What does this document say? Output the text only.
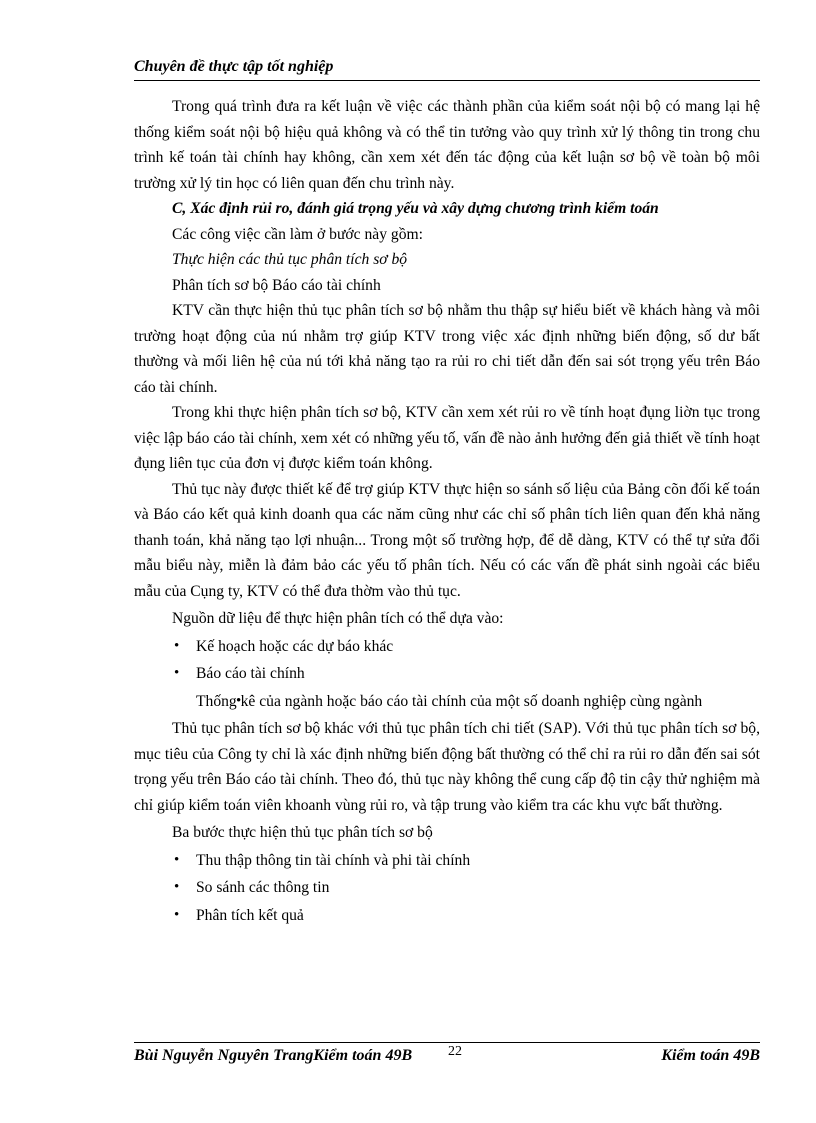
Chuyên đề thực tập tốt nghiệp

Trong quá trình đưa ra kết luận về việc các thành phần của kiểm soát nội bộ có mang lại hệ thống kiểm soát nội bộ hiệu quả không và có thể tin tưởng vào quy trình xử lý thông tin trong chu trình kế toán tài chính hay không, cần xem xét đến tác động của kết luận sơ bộ về toàn bộ môi trường xử lý tin học có liên quan đến chu trình này.

C, Xác định rủi ro, đánh giá trọng yếu và xây dựng chương trình kiểm toán

Các công việc cần làm ở bước này gồm:

Thực hiện các thủ tục phân tích sơ bộ

Phân tích sơ bộ Báo cáo tài chính

KTV cần thực hiện thủ tục phân tích sơ bộ nhằm thu thập sự hiểu biết về khách hàng và môi trường hoạt động của nú nhằm trợ giúp KTV trong việc xác định những biến động, số dư bất thường và mối liên hệ của nú tới khả năng tạo ra rủi ro chi tiết dẫn đến sai sót trọng yếu trên Báo cáo tài chính.

Trong khi thực hiện phân tích sơ bộ, KTV cần xem xét rủi ro về tính hoạt đụng liờn tục trong việc lập báo cáo tài chính, xem xét có những yếu tố, vấn đề nào ảnh hưởng đến giả thiết về tính hoạt đụng liên tục của đơn vị được kiểm toán không.

Thủ tục này được thiết kế để trợ giúp KTV thực hiện so sánh số liệu của Bảng cõn đối kế toán và Báo cáo kết quả kinh doanh qua các năm cũng như các chỉ số phân tích liên quan đến khả năng thanh toán, khả năng tạo lợi nhuận... Trong một số trường hợp, để dễ dàng, KTV có thể tự sửa đổi mẫu biểu này, miễn là đảm bảo các yếu tố phân tích. Nếu có các vấn đề phát sinh ngoài các biểu mẫu của Cụng ty, KTV có thể đưa thờm vào thủ tục.

Nguồn dữ liệu để thực hiện phân tích có thể dựa vào:

• Kế hoạch hoặc các dự báo khác

• Báo cáo tài chính

• Thống kê của ngành hoặc báo cáo tài chính của một số doanh nghiệp cùng ngành

Thủ tục phân tích sơ bộ khác với thủ tục phân tích chi tiết (SAP). Với thủ tục phân tích sơ bộ, mục tiêu của Công ty chỉ là xác định những biến động bất thường có thể chỉ ra rủi ro dẫn đến sai sót trọng yếu trên Báo cáo tài chính. Theo đó, thủ tục này không thể cung cấp độ tin cậy thử nghiệm mà chỉ giúp kiểm toán viên khoanh vùng rủi ro, và tập trung vào kiểm tra các khu vực bất thường.

Ba bước thực hiện thủ tục phân tích sơ bộ

• Thu thập thông tin tài chính và phi tài chính

• So sánh các thông tin

• Phân tích kết quả

Bùi Nguyễn Nguyên TrangKiểm toán 49B	22	Kiểm toán 49B
